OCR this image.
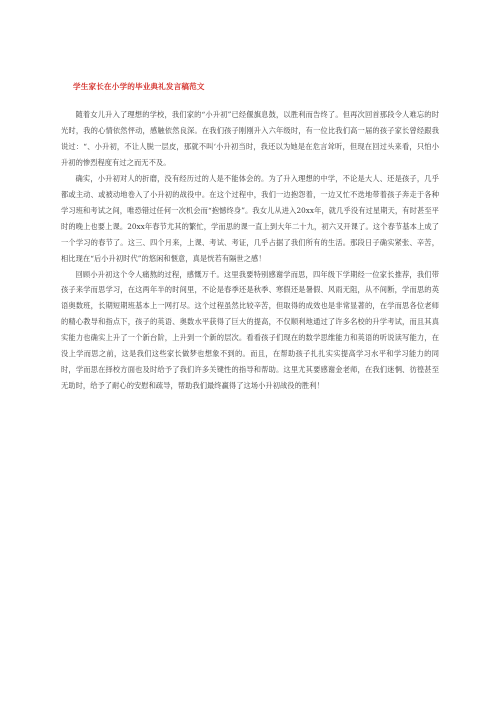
学生家长在小学的毕业典礼发言稿范文

随着女儿升入了理想的学校，我们家的“小升初”已经偃旗息鼓，以胜利而告终了。但再次回首那段令人难忘的时光时，我的心情依然怦动，感触依然良深。在我们孩子刚刚升入六年级时，有一位比我们高一届的孩子家长曾经跟我说过：“、小升初，不让人脱一层皮，那就不叫‘小升初当时，我还以为她是在危言耸听，但现在回过头来看，只怕小升初的惨烈程度有过之而无不及。

确实，小升初对人的折磨，没有经历过的人是不能体会的。为了升入理想的中学，不论是大人、还是孩子，几乎都或主动、或被动地卷入了小升初的战役中。在这个过程中，我们一边抱怨着，一边又忙不迭地带着孩子奔走于各种学习班和考试之间，唯恐错过任何一次机会而“抱憾终身”。我女儿从进入20xx年，就几乎没有过星期天，有时甚至平时的晚上也要上课。20xx年春节尤其的繁忙，学而思的课一直上到大年二十九，初六又开课了。这个春节基本上成了一个学习的春节了。这三、四个月来，上课、考试、考证，几乎占据了我们所有的生活。那段日子确实紧张、辛苦，相比现在“后小升初时代”的悠闲和惬意，真是恍若有隔世之感！

回顾小升初这个令人痛熬的过程，感慨万千。这里我要特别感谢学而思，四年级下学期经一位家长推荐，我们带孩子来学而思学习，在这两年半的时间里，不论是春季还是秋季、寒假还是暑假、风雨无阻，从不间断，学而思的英语奥数班，长期短期班基本上一网打尽。这个过程虽然比较辛苦，但取得的成效也是非常显著的，在学而思各位老师的精心教导和指点下，孩子的英语、奥数水平获得了巨大的提高，不仅顺利地通过了许多名校的升学考试，而且其真实能力也确实上升了一个新台阶，上升到一个新的层次。看看孩子们现在的数学思维能力和英语的听说读写能力，在没上学而思之前，这是我们这些家长做梦也想象不到的。而且，在帮助孩子扎扎实实提高学习水平和学习能力的同时，学而思在择校方面也及时给予了我们许多关键性的指导和帮助。这里尤其要感谢金老师，在我们迷惘、彷徨甚至无助时，给予了耐心的安慰和疏导，帮助我们最终赢得了这场小升初战役的胜利！
